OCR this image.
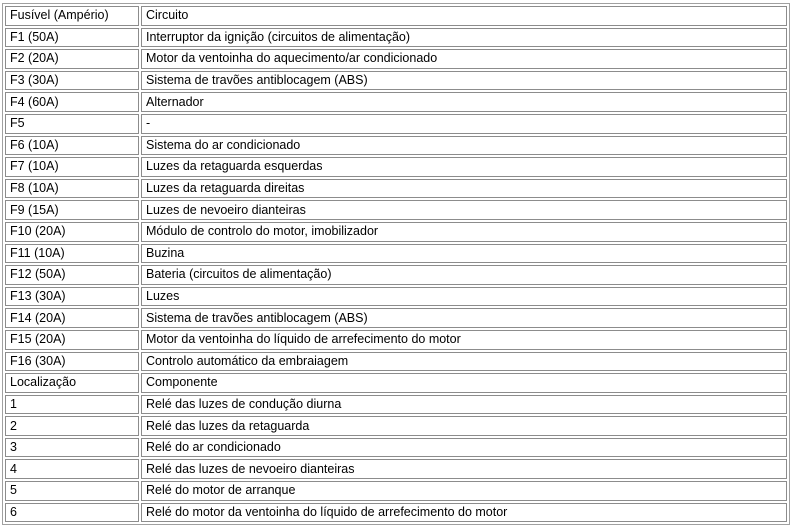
Fusível (Ampério)	Circuito
F1 (50A)	Interruptor da ignição (circuitos de alimentação)
F2 (20A)	Motor da ventoinha do aquecimento/ar condicionado
F3 (30A)	Sistema de travões antiblocagem (ABS)
F4 (60A)	Alternador
F5	-
F6 (10A)	Sistema do ar condicionado
F7 (10A)	Luzes da retaguarda esquerdas
F8 (10A)	Luzes da retaguarda direitas
F9 (15A)	Luzes de nevoeiro dianteiras
F10 (20A)	Módulo de controlo do motor, imobilizador
F11 (10A)	Buzina
F12 (50A)	Bateria (circuitos de alimentação)
F13 (30A)	Luzes
F14 (20A)	Sistema de travões antiblocagem (ABS)
F15 (20A)	Motor da ventoinha do líquido de arrefecimento do motor
F16 (30A)	Controlo automático da embraiagem
Localização	Componente
1	Relé das luzes de condução diurna
2	Relé das luzes da retaguarda
3	Relé do ar condicionado
4	Relé das luzes de nevoeiro dianteiras
5	Relé do motor de arranque
6	Relé do motor da ventoinha do líquido de arrefecimento do motor
